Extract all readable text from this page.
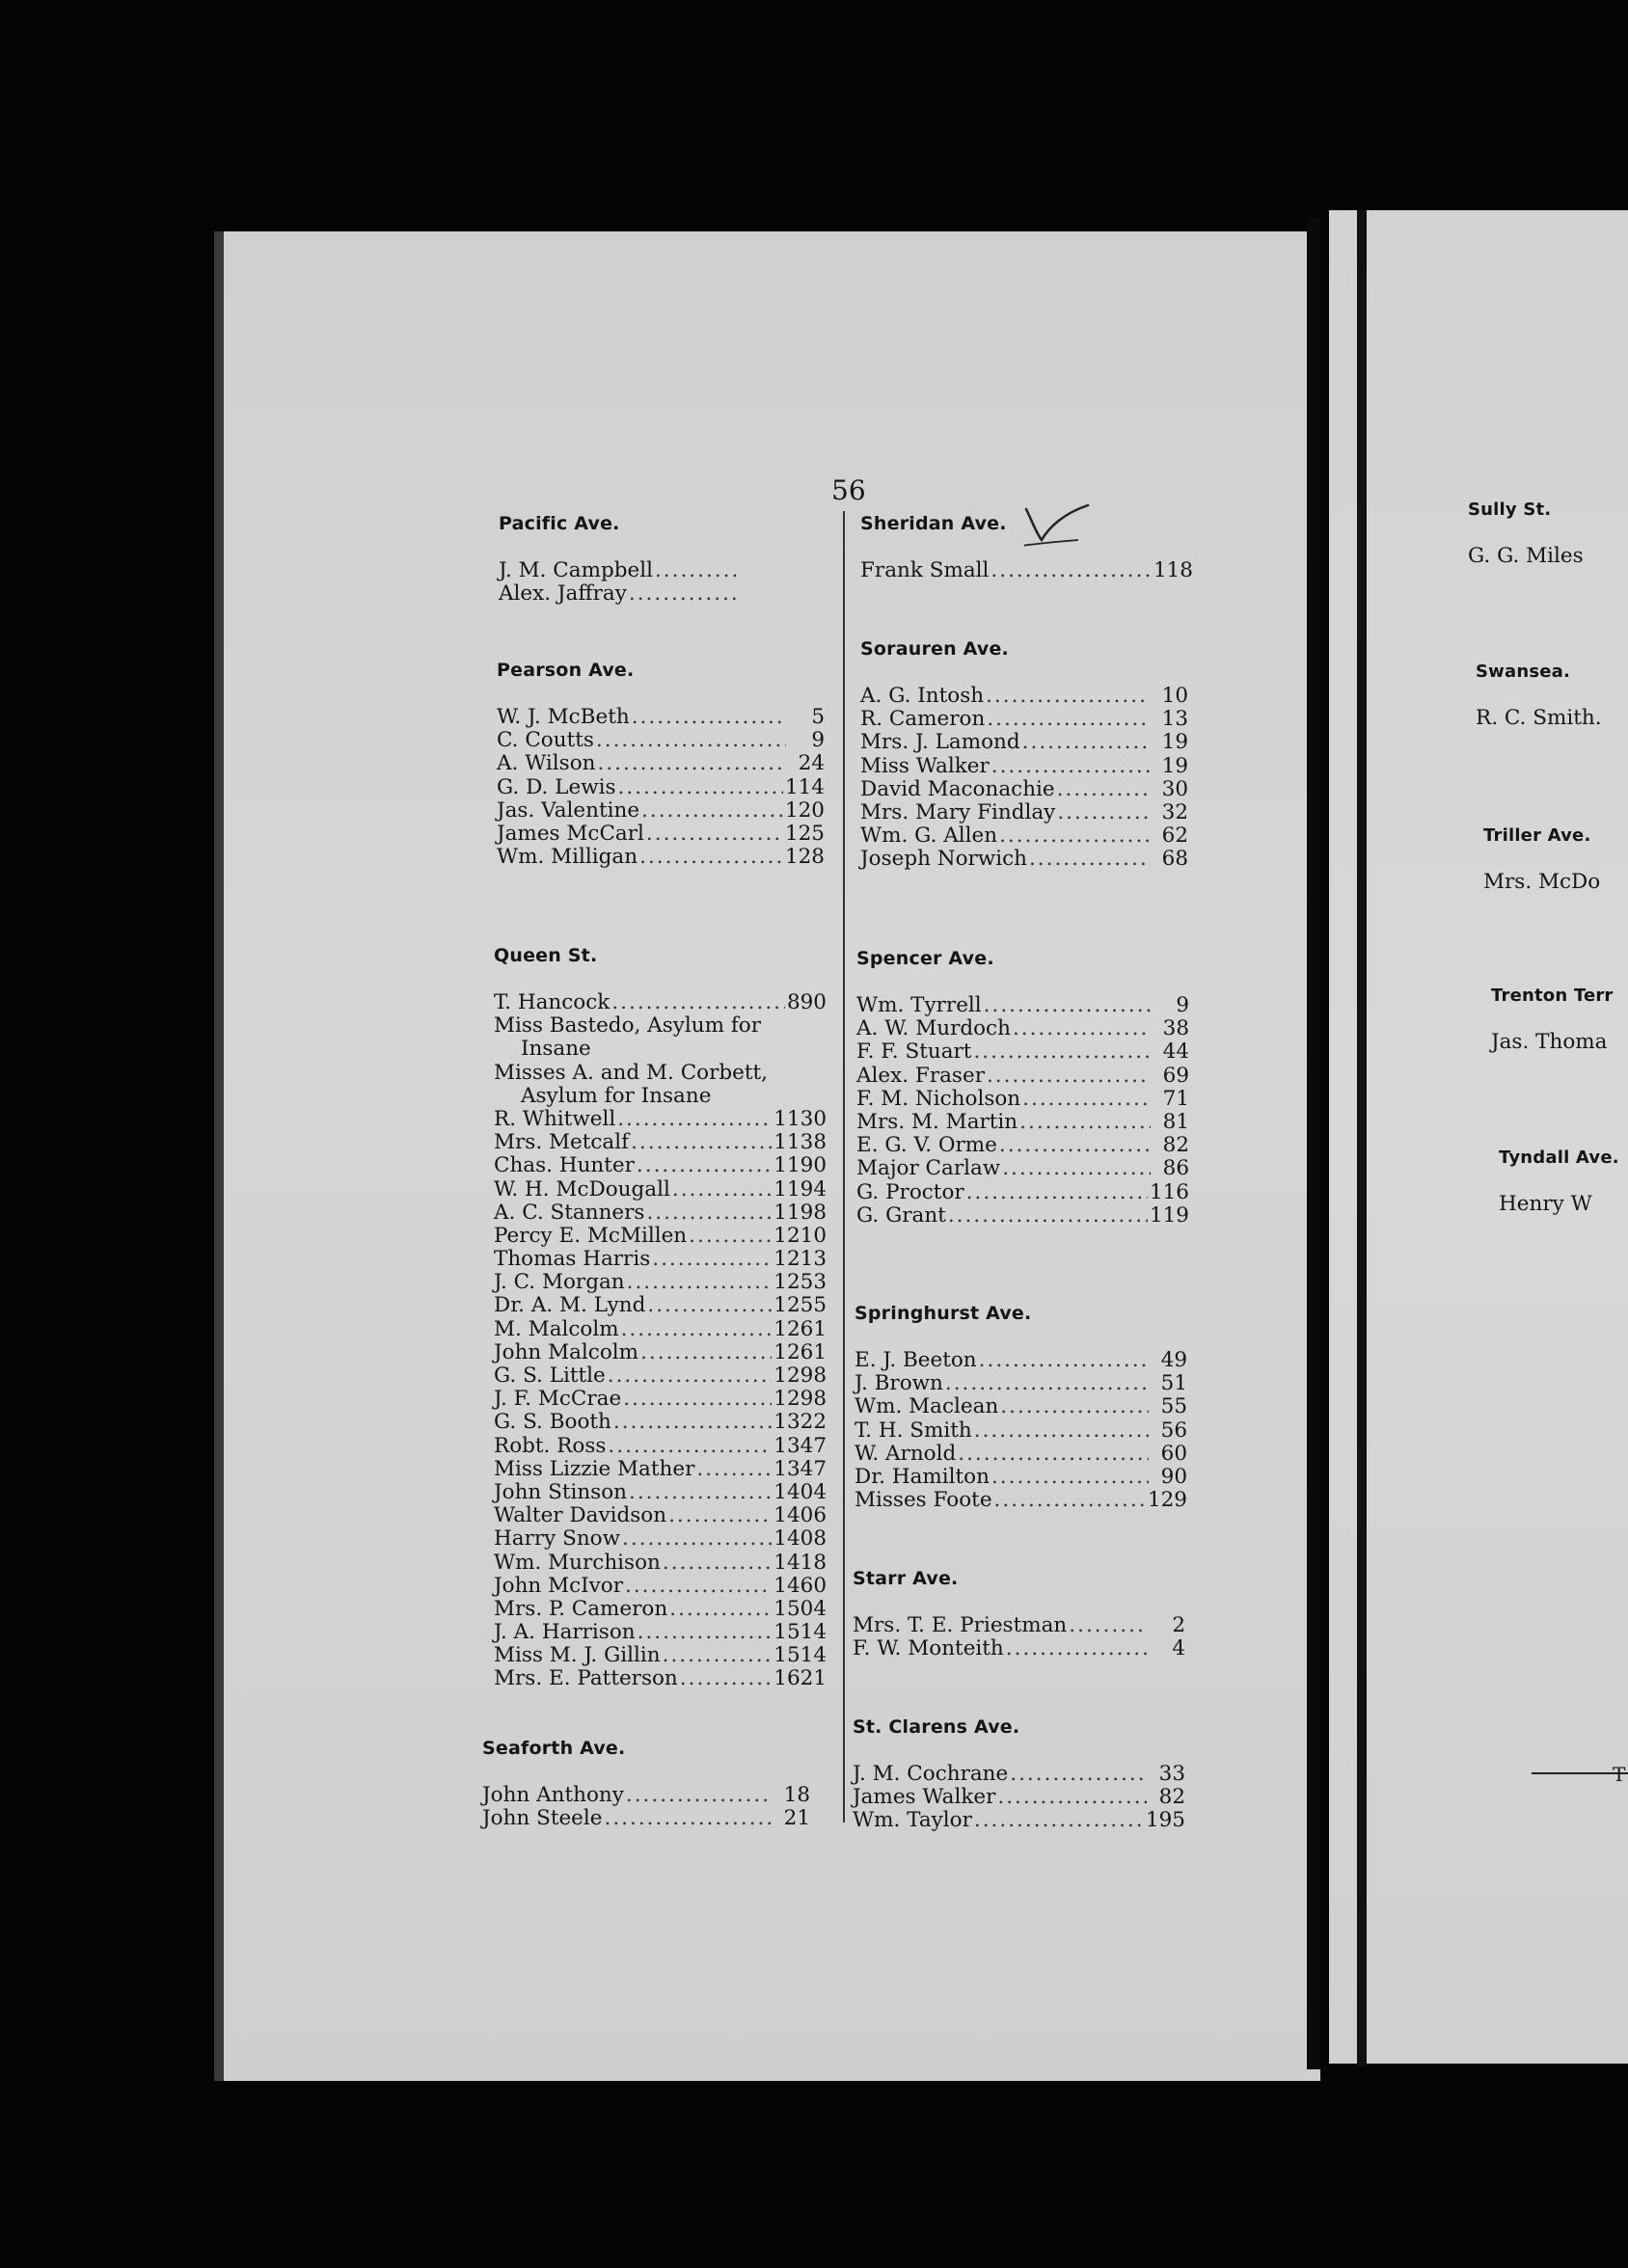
56
Pacific Ave.
J. M. Campbell
.....
Alex. Jaffray
.....
Pearson Ave.
W. J. McBeth .....	5
C. Coutts .....	9
A. Wilson .....	24
G. D. Lewis .....	114
Jas. Valentine .....	120
James McCarl .....	125
Wm. Milligan .....	128
Queen St.
T. Hancock .....	890
Miss Bastedo, Asylum for
Insane
Misses A. and M. Corbett,
Asylum for Insane
R. Whitwell .....	1130
Mrs. Metcalf .....	1138
Chas. Hunter .....	1190
W. H. McDougall .....	1194
A. C. Stanners .....	1198
Percy E. McMillen .....	1210
Thomas Harris .....	1213
J. C. Morgan .....	1253
Dr. A. M. Lynd .....	1255
M. Malcolm .....	1261
John Malcolm .....	1261
G. S. Little .....	1298
J. F. McCrae .....	1298
G. S. Booth .....	1322
Robt. Ross .....	1347
Miss Lizzie Mather .....	1347
John Stinson .....	1404
Walter Davidson .....	1406
Harry Snow .....	1408
Wm. Murchison .....	1418
John McIvor .....	1460
Mrs. P. Cameron .....	1504
J. A. Harrison .....	1514
Miss M. J. Gillin .....	1514
Mrs. E. Patterson .....	1621
Seaforth Ave.
John Anthony .....	18
John Steele .....	21
Sheridan Ave.
Frank Small .....	118
Sorauren Ave.
A. G. Intosh .....	10
R. Cameron .....	13
Mrs. J. Lamond .....	19
Miss Walker .....	19
David Maconachie .....	30
Mrs. Mary Findlay .....	32
Wm. G. Allen .....	62
Joseph Norwich .....	68
Spencer Ave.
Wm. Tyrrell .....	9
A. W. Murdoch .....	38
F. F. Stuart .....	44
Alex. Fraser .....	69
F. M. Nicholson .....	71
Mrs. M. Martin .....	81
E. G. V. Orme .....	82
Major Carlaw .....	86
G. Proctor .....	116
G. Grant .....	119
Springhurst Ave.
E. J. Beeton .....	49
J. Brown .....	51
Wm. Maclean .....	55
T. H. Smith .....	56
W. Arnold .....	60
Dr. Hamilton .....	90
Misses Foote .....	129
Starr Ave.
Mrs. T. E. Priestman .....	2
F. W. Monteith .....	4
St. Clarens Ave.
J. M. Cochrane .....	33
James Walker .....	82
Wm. Taylor .....	195
Sully St.
G. G. Miles
Swansea.
R. C. Smith.
Triller Ave.
Mrs. McDo
Trenton Terr
Jas. Thoma
Tyndall Ave.
Henry W
T
